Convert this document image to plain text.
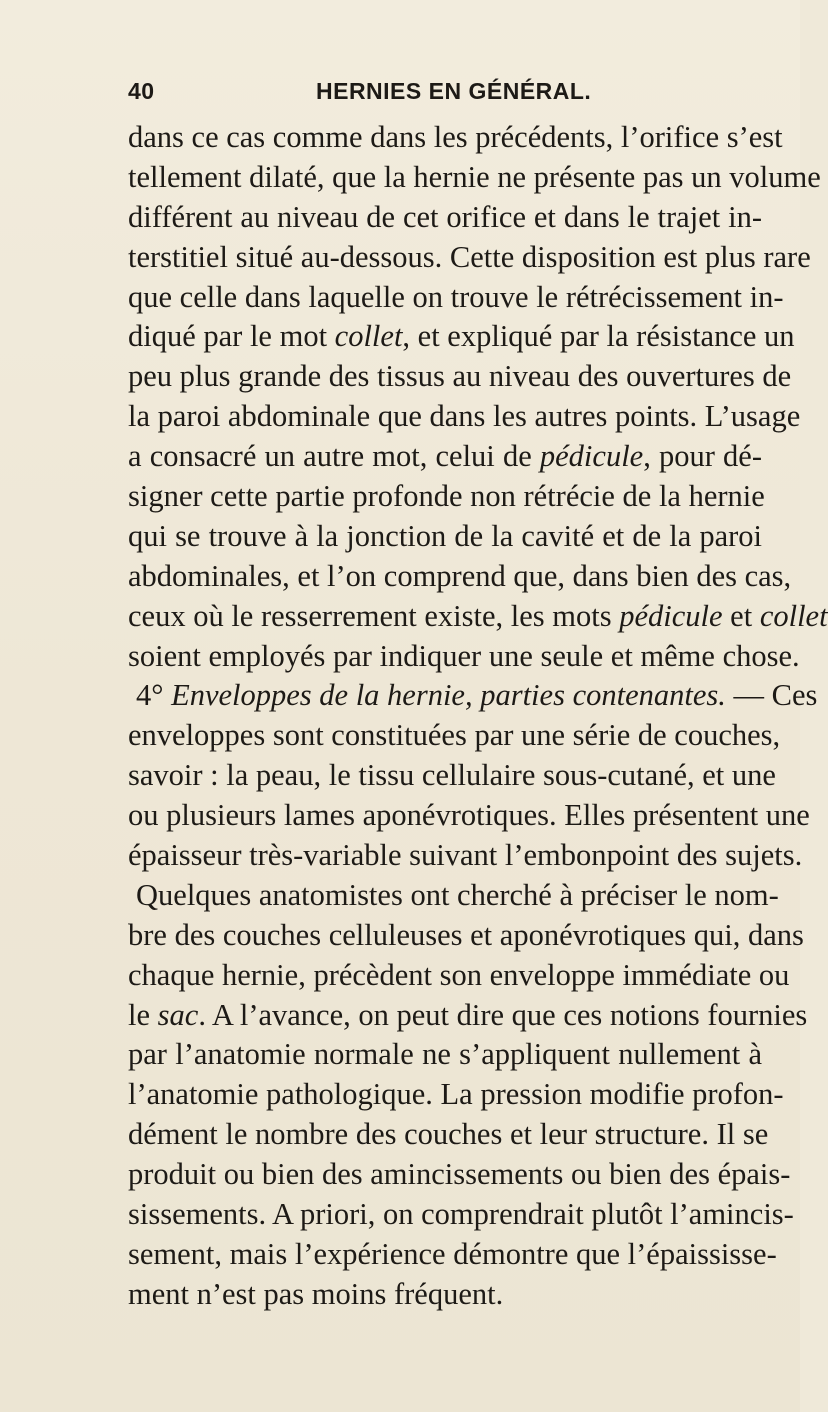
40	HERNIES EN GÉNÉRAL.
dans ce cas comme dans les précédents, l’orifice s’est
tellement dilaté, que la hernie ne présente pas un volume
différent au niveau de cet orifice et dans le trajet in-
terstitiel situé au-dessous. Cette disposition est plus rare
que celle dans laquelle on trouve le rétrécissement in-
diqué par le mot collet, et expliqué par la résistance un
peu plus grande des tissus au niveau des ouvertures de
la paroi abdominale que dans les autres points. L’usage
a consacré un autre mot, celui de pédicule, pour dé-
signer cette partie profonde non rétrécie de la hernie
qui se trouve à la jonction de la cavité et de la paroi
abdominales, et l’on comprend que, dans bien des cas,
ceux où le resserrement existe, les mots pédicule et collet
soient employés par indiquer une seule et même chose.
4° Enveloppes de la hernie, parties contenantes. — Ces
enveloppes sont constituées par une série de couches,
savoir : la peau, le tissu cellulaire sous-cutané, et une
ou plusieurs lames aponévrotiques. Elles présentent une
épaisseur très-variable suivant l’embonpoint des sujets.
Quelques anatomistes ont cherché à préciser le nom-
bre des couches celluleuses et aponévrotiques qui, dans
chaque hernie, précèdent son enveloppe immédiate ou
le sac. A l’avance, on peut dire que ces notions fournies
par l’anatomie normale ne s’appliquent nullement à
l’anatomie pathologique. La pression modifie profon-
dément le nombre des couches et leur structure. Il se
produit ou bien des amincissements ou bien des épais-
sissements. A priori, on comprendrait plutôt l’amincis-
sement, mais l’expérience démontre que l’épaississe-
ment n’est pas moins fréquent.
